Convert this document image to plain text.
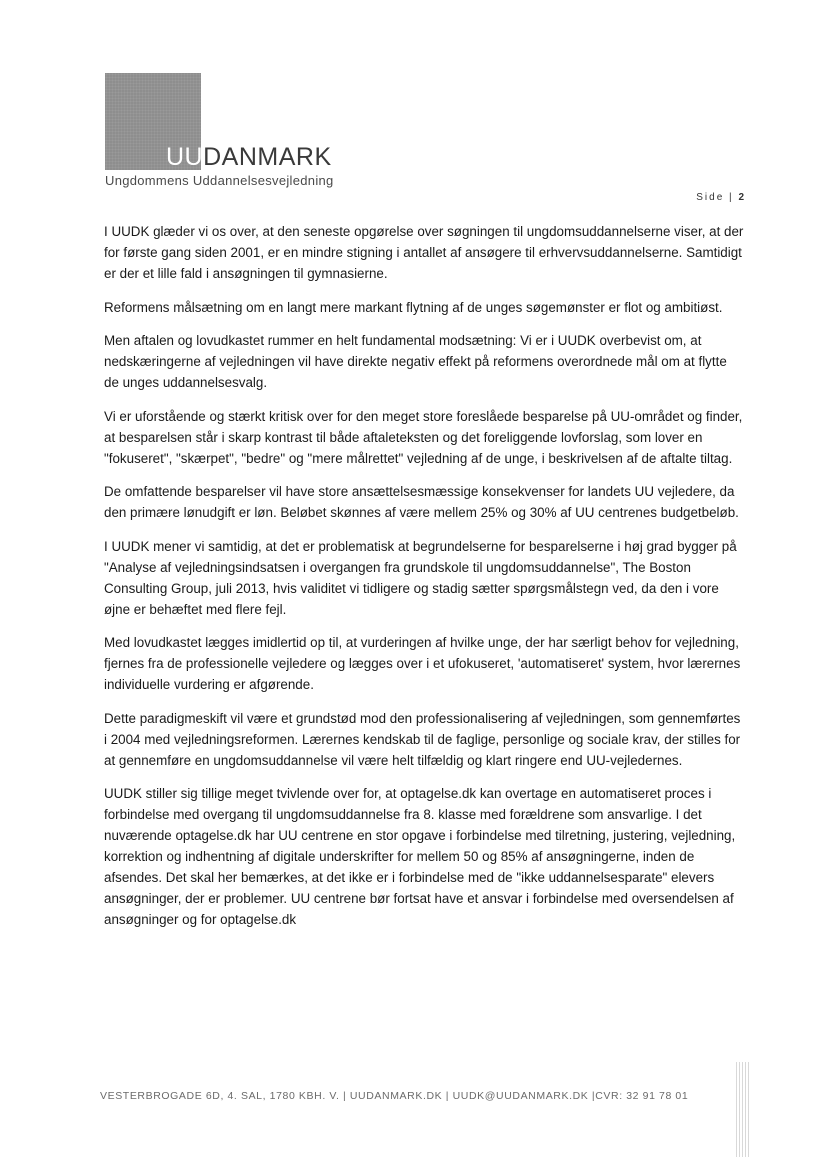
UUDANMARK
Ungdommens Uddannelsesvejledning
Side | 2

I UUDK glæder vi os over, at den seneste opgørelse over søgningen til ungdomsuddannelserne viser, at der for første gang siden 2001, er en mindre stigning i antallet af ansøgere til erhvervsuddannelserne. Samtidigt er der et lille fald i ansøgningen til gymnasierne.

Reformens målsætning om en langt mere markant flytning af de unges søgemønster er flot og ambitiøst.

Men aftalen og lovudkastet rummer en helt fundamental modsætning: Vi er i UUDK overbevist om, at nedskæringerne af vejledningen vil have direkte negativ effekt på reformens overordnede mål om at flytte de unges uddannelsesvalg.

Vi er uforstående og stærkt kritisk over for den meget store foreslåede besparelse på UU-området og finder, at besparelsen står i skarp kontrast til både aftaleteksten og det foreliggende lovforslag, som lover en "fokuseret", "skærpet", "bedre" og "mere målrettet" vejledning af de unge, i beskrivelsen af de aftalte tiltag.

De omfattende besparelser vil have store ansættelsesmæssige konsekvenser for landets UU vejledere, da den primære lønudgift er løn. Beløbet skønnes af være mellem 25% og 30% af UU centrenes budgetbeløb.

I UUDK mener vi samtidig, at det er problematisk at begrundelserne for besparelserne i høj grad bygger på "Analyse af vejledningsindsatsen i overgangen fra grundskole til ungdomsuddannelse", The Boston Consulting Group, juli 2013, hvis validitet vi tidligere og stadig sætter spørgsmålstegn ved, da den i vore øjne er behæftet med flere fejl.

Med lovudkastet lægges imidlertid op til, at vurderingen af hvilke unge, der har særligt behov for vejledning, fjernes fra de professionelle vejledere og lægges over i et ufokuseret, 'automatiseret' system, hvor lærernes individuelle vurdering er afgørende.

Dette paradigmeskift vil være et grundstød mod den professionalisering af vejledningen, som gennemførtes i 2004 med vejledningsreformen. Lærernes kendskab til de faglige, personlige og sociale krav, der stilles for at gennemføre en ungdomsuddannelse vil være helt tilfældig og klart ringere end UU-vejledernes.

UUDK stiller sig tillige meget tvivlende over for, at optagelse.dk kan overtage en automatiseret proces i forbindelse med overgang til ungdomsuddannelse fra 8. klasse med forældrene som ansvarlige. I det nuværende optagelse.dk har UU centrene en stor opgave i forbindelse med tilretning, justering, vejledning, korrektion og indhentning af digitale underskrifter for mellem 50 og 85% af ansøgningerne, inden de afsendes. Det skal her bemærkes, at det ikke er i forbindelse med de "ikke uddannelsesparate" elevers ansøgninger, der er problemer. UU centrene bør fortsat have et ansvar i forbindelse med oversendelsen af ansøgninger og for optagelse.dk

VESTERBROGADE 6D, 4. SAL, 1780 KBH. V. | UUDANMARK.DK | UUDK@UUDANMARK.DK |CVR: 32 91 78 01
